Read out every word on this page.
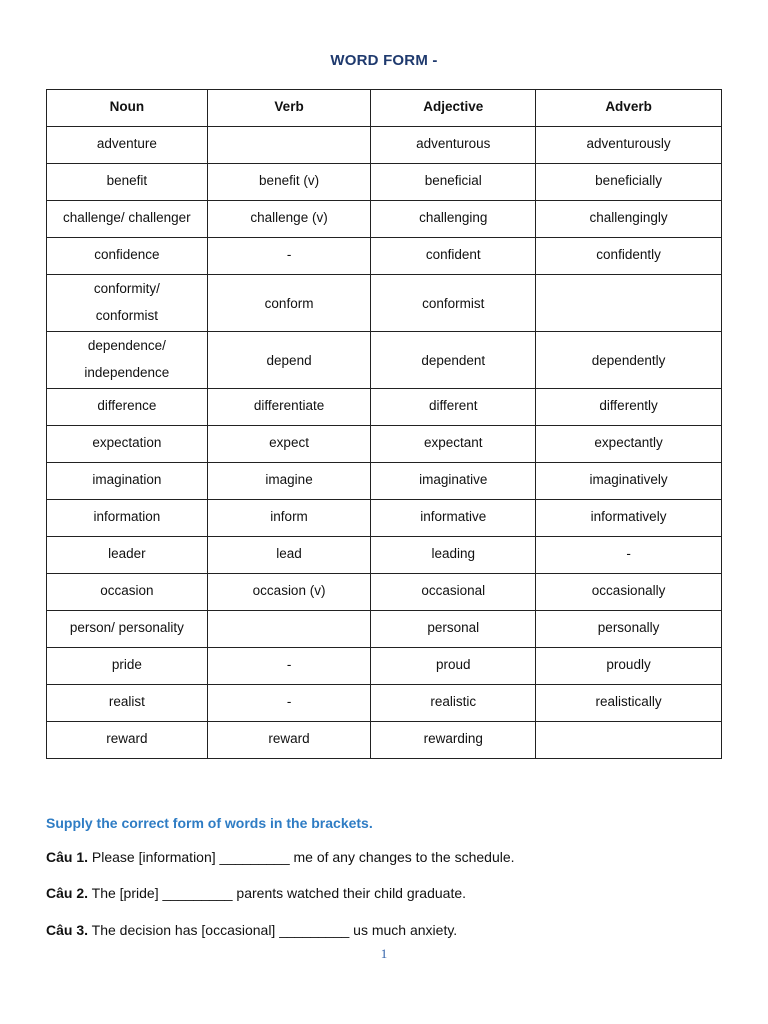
WORD FORM -
Noun	Verb	Adjective	Adverb
adventure		adventurous	adventurously
benefit	benefit (v)	beneficial	beneficially
challenge/ challenger	challenge (v)	challenging	challengingly
confidence	-	confident	confidently
conformity/ conformist	conform	conformist	
dependence/ independence	depend	dependent	dependently
difference	differentiate	different	differently
expectation	expect	expectant	expectantly
imagination	imagine	imaginative	imaginatively
information	inform	informative	informatively
leader	lead	leading	-
occasion	occasion (v)	occasional	occasionally
person/ personality		personal	personally
pride	-	proud	proudly
realist	-	realistic	realistically
reward	reward	rewarding	
Supply the correct form of words in the brackets.
Câu 1. Please [information] _________ me of any changes to the schedule.
Câu 2. The [pride] _________ parents watched their child graduate.
Câu 3. The decision has [occasional] _________ us much anxiety.
1
